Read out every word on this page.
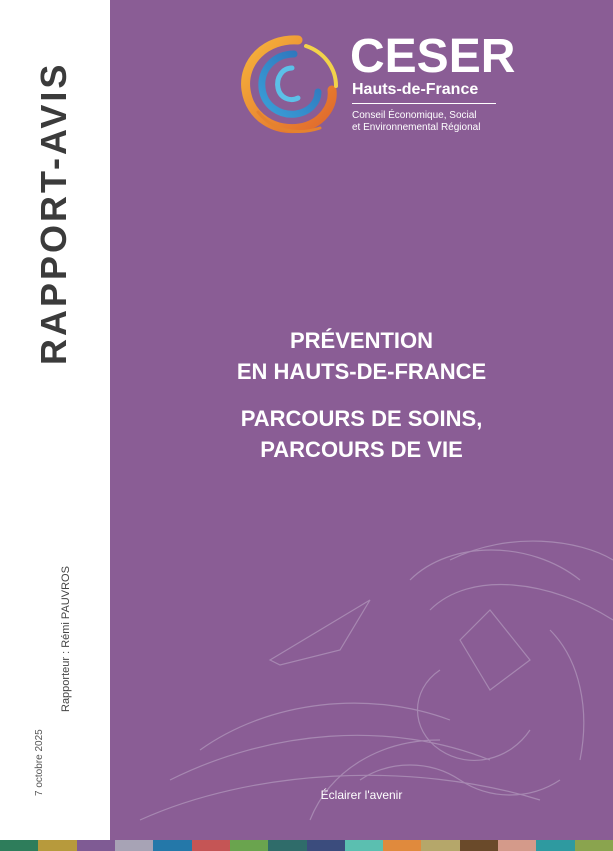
RAPPORT-AVIS
Rapporteur : Rémi PAUVROS
7 octobre 2025
CESER
Hauts-de-France
Conseil Économique, Social
et Environnemental Régional
PRÉVENTION
EN HAUTS-DE-FRANCE
PARCOURS DE SOINS,
PARCOURS DE VIE
Éclairer l'avenir
